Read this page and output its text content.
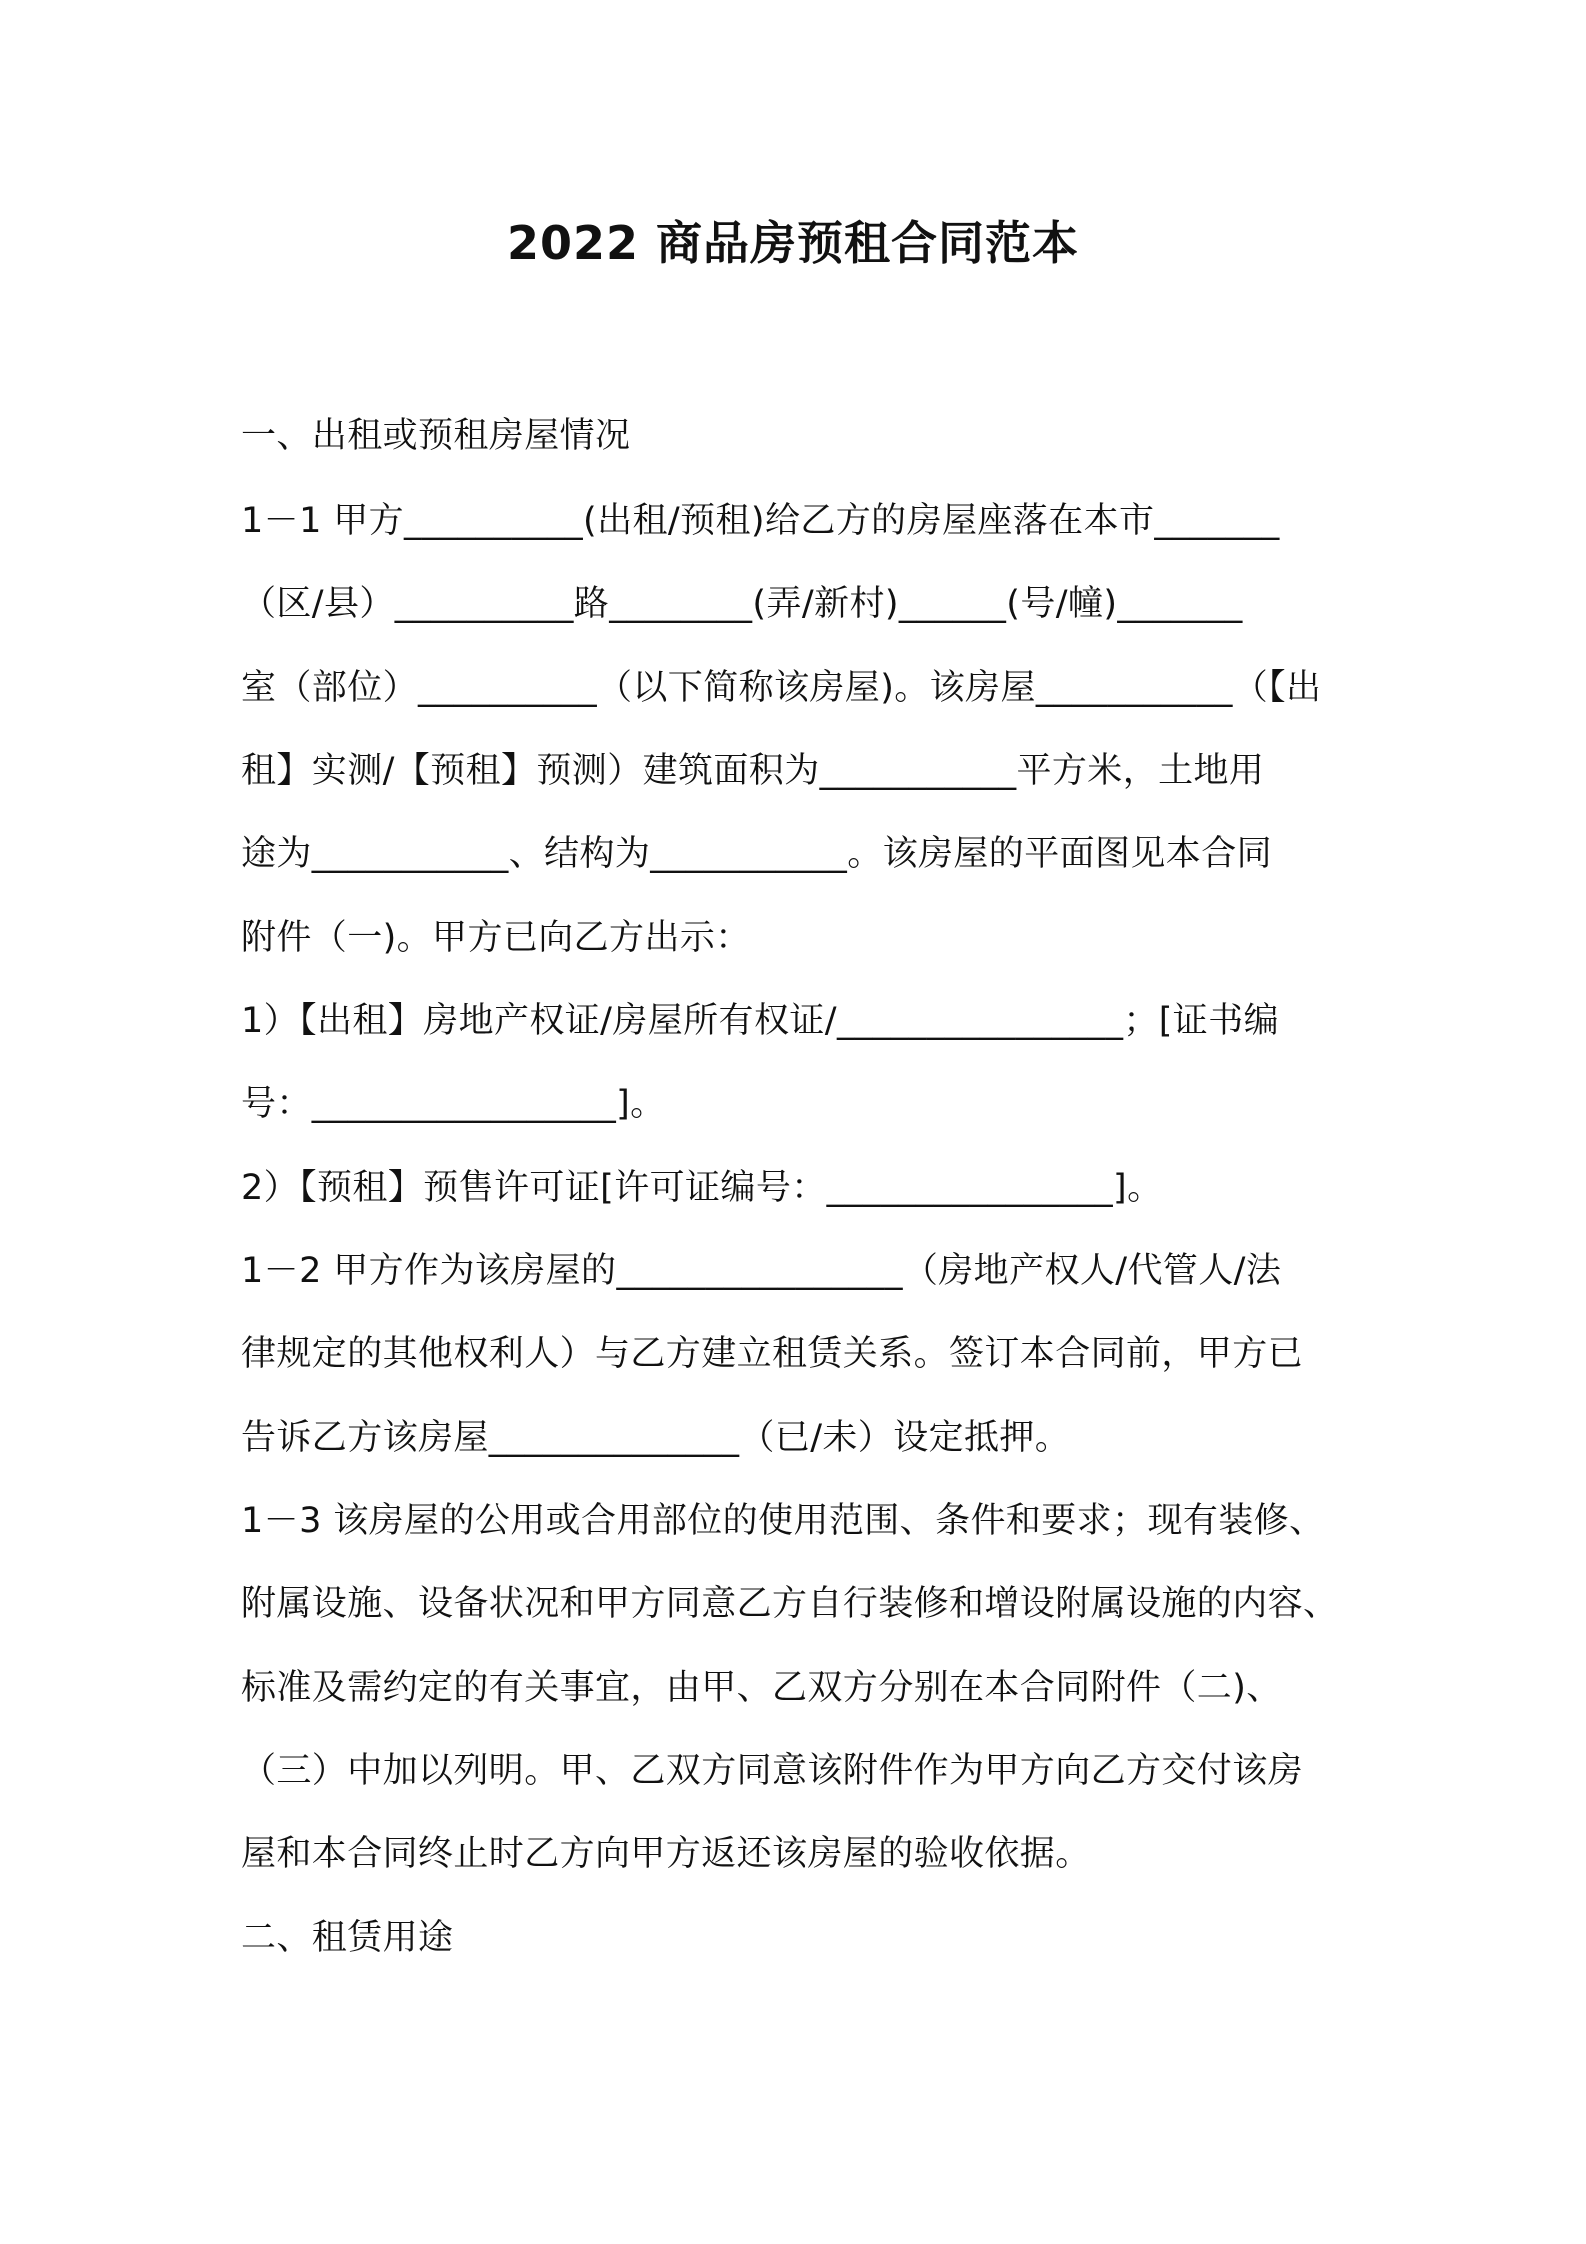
2022 商品房预租合同范本
一、出租或预租房屋情况
1－1 甲方__________(出租/预租)给乙方的房屋座落在本市_______
（区/县）__________路________(弄/新村)______(号/幢)_______
室（部位）__________（以下简称该房屋)。该房屋___________（【出
租】实测/【预租】预测）建筑面积为___________平方米，土地用
途为___________、结构为___________。该房屋的平面图见本合同
附件（一)。甲方已向乙方出示：
1）【出租】房地产权证/房屋所有权证/________________；[证书编
号：_________________]。
2）【预租】预售许可证[许可证编号：________________]。
1－2 甲方作为该房屋的________________（房地产权人/代管人/法
律规定的其他权利人）与乙方建立租赁关系。签订本合同前，甲方已
告诉乙方该房屋______________（已/未）设定抵押。
1－3 该房屋的公用或合用部位的使用范围、条件和要求；现有装修、
附属设施、设备状况和甲方同意乙方自行装修和增设附属设施的内容、
标准及需约定的有关事宜，由甲、乙双方分别在本合同附件（二)、
（三）中加以列明。甲、乙双方同意该附件作为甲方向乙方交付该房
屋和本合同终止时乙方向甲方返还该房屋的验收依据。
二、租赁用途
